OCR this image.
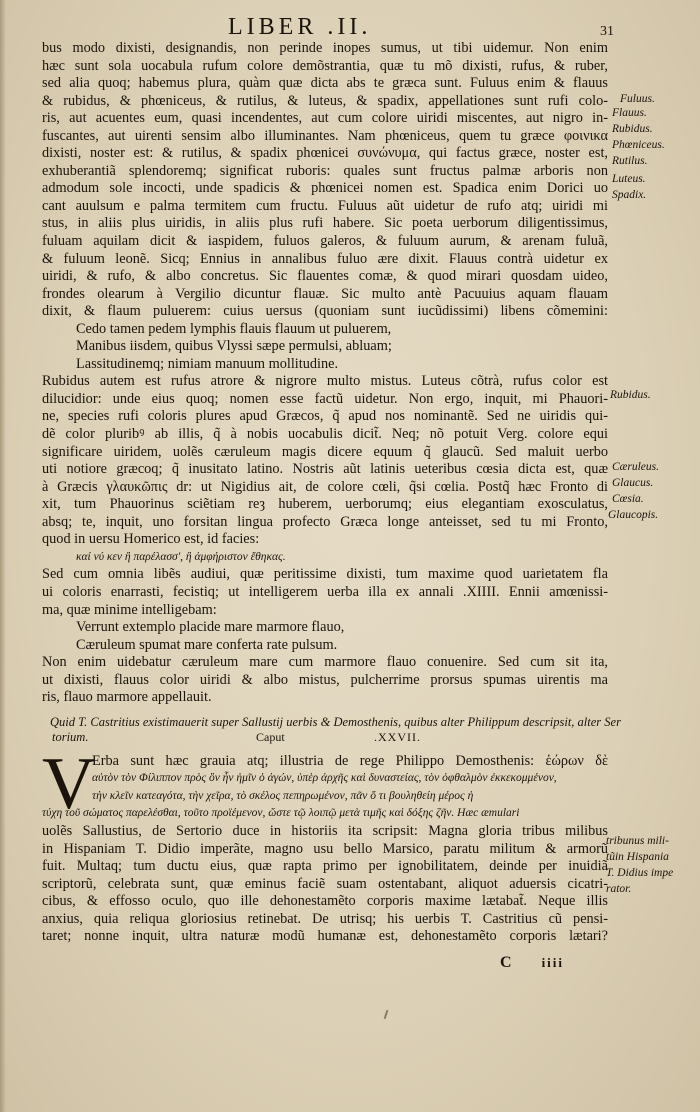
LIBER .II.	31
bus modo dixisti, designandis, non perinde inopes sumus, ut tibi uidemur. Non enim
hæc sunt sola uocabula rufum colore demõstrantia, quæ tu mõ dixisti, rufus, & ruber,
sed alia quoq; habemus plura, quàm quæ dicta abs te græca sunt. Fuluus enim & flauus
& rubidus, & phœniceus, & rutilus, & luteus, & spadix, appellationes sunt rufi colo-
ris, aut acuentes eum, quasi incendentes, aut cum colore uiridi miscentes, aut nigro in-
fuscantes, aut uirenti sensim albo illuminantes. Nam phœniceus, quem tu græce φοινικα
dixisti, noster est: & rutilus, & spadix phœnicei συνώνυμα, qui factus græce, noster est,
exhuberantiã splendoremq; significat ruboris: quales sunt fructus palmæ arboris non
admodum sole incocti, unde spadicis & phœnicei nomen est. Spadica enim Dorici uo
cant auulsum e palma termitem cum fructu. Fuluus aũt uidetur de rufo atq; uiridi mi
stus, in aliis plus uiridis, in aliis plus rufi habere. Sic poeta uerborum diligentissimus,
fuluam aquilam dicit & iaspidem, fuluos galeros, & fuluum aurum, & arenam fuluã,
& fuluum leonẽ. Sicq; Ennius in annalibus fuluo ære dixit. Flauus contrà uidetur ex
uiridi, & rufo, & albo concretus. Sic flauentes comæ, & quod mirari quosdam uideo,
frondes olearum à Vergilio dicuntur flauæ. Sic multo antè Pacuuius aquam flauam
dixit, & flaum puluerem: cuius uersus (quoniam sunt iucũdissimi) libens cõmemini:
Cedo tamen pedem lymphis flauis flauum ut puluerem,
Manibus iisdem, quibus Vlyssi sæpe permulsi, abluam;
Lassitudinemq; nimiam manuum mollitudine.
Rubidus autem est rufus atrore & nigrore multo mistus. Luteus cõtrà, rufus color est
dilucidior: unde eius quoq; nomen esse factũ uidetur. Non ergo, inquit, mi Phauori-
ne, species rufi coloris plures apud Græcos, q̃ apud nos nominantẽ. Sed ne uiridis qui-
dẽ color pluribꝰ ab illis, q̃ à nobis uocabulis dicit̃. Neq; nõ potuit Verg. colore equi
significare uiridem, uolẽs cæruleum magis dicere equum q̃ glaucũ. Sed maluit uerbo
uti notiore græcoq; q̃ inusitato latino. Nostris aũt latinis ueteribus cœsia dicta est, quæ
à Græcis γλαυκῶπις dr: ut Nigidius ait, de colore cœli, q̃si cœlia. Postq̃ hæc Fronto di
xit, tum Phauorinus sciẽtiam reȝ huberem, uerborumq; eius elegantiam exosculatus,
absq; te, inquit, uno forsitan lingua profecto Græca longe anteisset, sed tu mi Fronto,
quod in uersu Homerico est, id facies:
καί νύ κεν ἢ παρέλασσ', ἢ ἀμφήριστον ἔθηκας.
Sed cum omnia libẽs audiui, quæ peritissime dixisti, tum maxime quod uarietatem fla
ui coloris enarrasti, fecistiq; ut intelligerem uerba illa ex annali .XIIII. Ennii amœnissi-
ma, quæ minime intelligebam:
Verrunt extemplo placide mare marmore flauo,
Cæruleum spumat mare conferta rate pulsum.
Non enim uidebatur cæruleum mare cum marmore flauo conuenire. Sed cum sit ita,
ut dixisti, flauus color uiridi & albo mistus, pulcherrime prorsus spumas uirentis ma
ris, flauo marmore appellauit.
Quid T. Castritius existimauerit super Sallustij uerbis & Demosthenis, quibus alter Philippum descripsit, alter Ser
torium.	Caput	.XXVII.
V
Erba sunt hæc grauia atq; illustria de rege Philippo Demosthenis: ἑώρων δὲ
αὐτὸν τὸν Φίλιππον πρὸς ὃν ἦν ἡμῖν ὁ ἀγών, ὑπὲρ ἀρχῆς καὶ δυναστείας, τὸν ὀφθαλμὸν ἐκκεκομμένον,
τὴν κλεῖν κατεαγότα, τὴν χεῖρα, τὸ σκέλος πεπηρωμένον, πᾶν ὅ τι βουληθείη μέρος ἡ
τύχη τοῦ σώματος παρελέσθαι, τοῦτο προϊέμενον, ὥστε τῷ λοιπῷ μετὰ τιμῆς καὶ δόξης ζῆν. Hæc æmulari
uolẽs Sallustius, de Sertorio duce in historiis ita scripsit: Magna gloria tribus milibus
in Hispaniam T. Didio imperãte, magno usu bello Marsico, paratu militum & armorũ
fuit. Multaq; tum ductu eius, quæ rapta primo per ignobilitatem, deinde per inuidiã
scriptorũ, celebrata sunt, quæ eminus faciẽ suam ostentabant, aliquot aduersis cicatri-
cibus, & effosso oculo, quo ille dehonestamẽto corporis maxime lætabat̃. Neque illis
anxius, quia reliqua gloriosius retinebat. De utrisq; his uerbis T. Castritius cũ pensi-
taret; nonne inquit, ultra naturæ modũ humanæ est, dehonestamẽto corporis lætari?
Fuluus.
Flauus.
Rubidus.
Phœniceus.
Rutilus.
Luteus.
Spadix.
Rubidus.
Cæruleus.
Glaucus.
Cœsia.
Glaucopis.
tribunus mili-
tũin Hispania
T. Didius impe
rator.
C iiii
